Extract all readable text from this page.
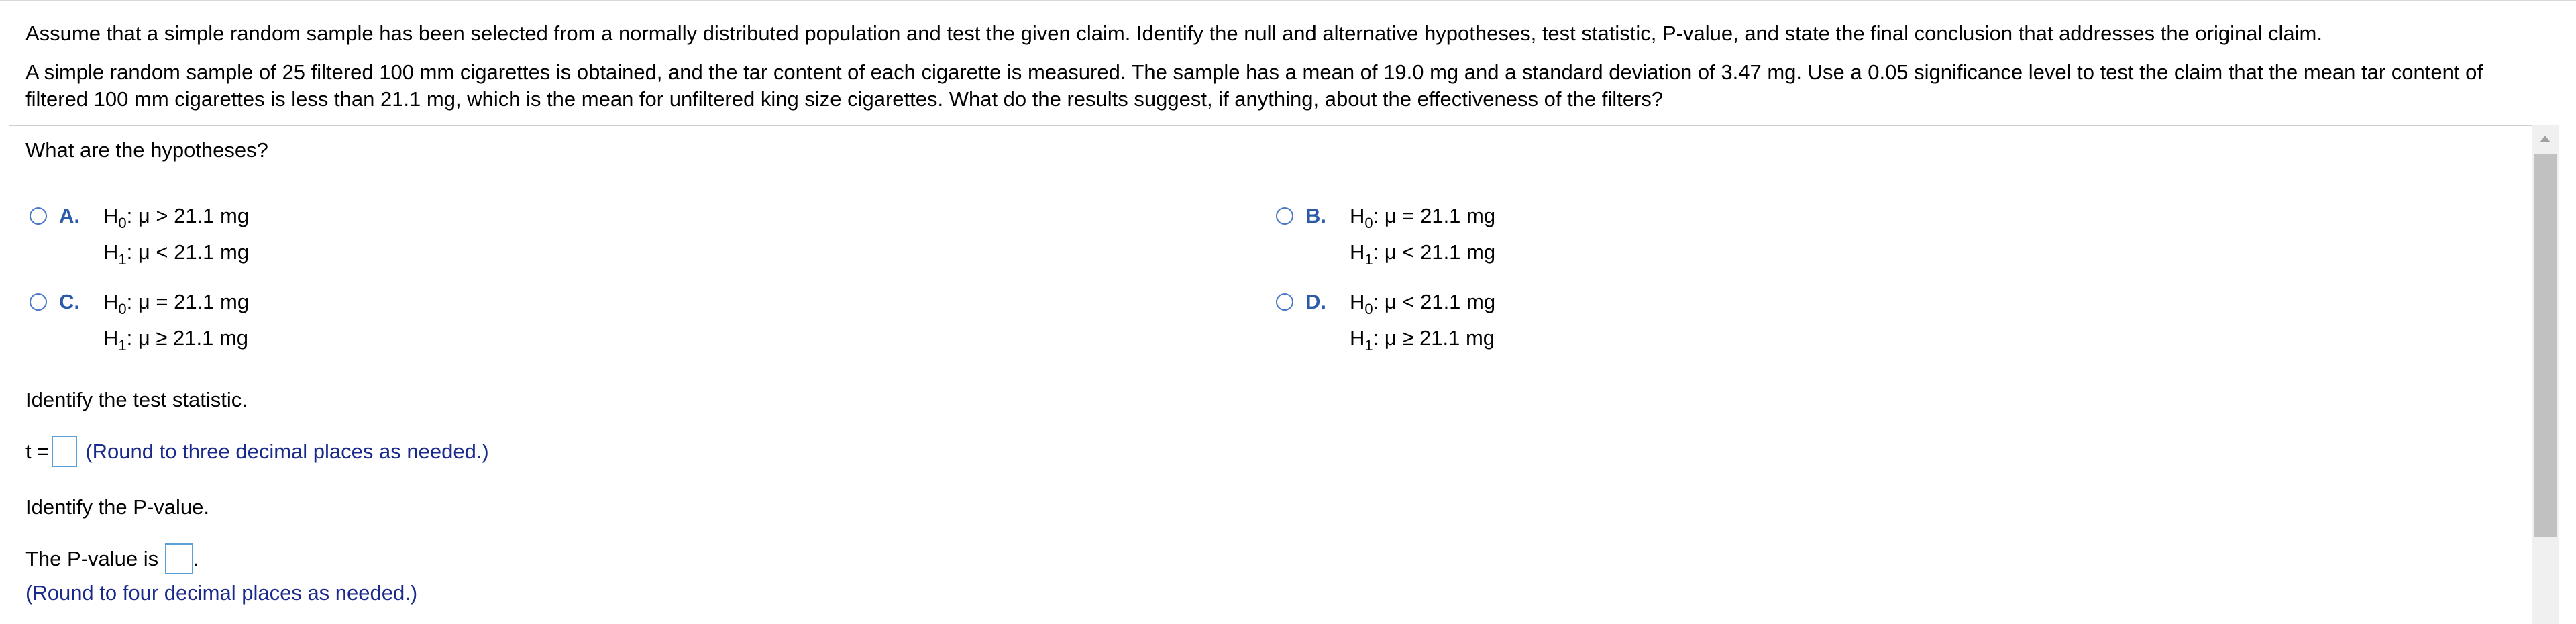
Assume that a simple random sample has been selected from a normally distributed population and test the given claim. Identify the null and alternative hypotheses, test statistic, P-value, and state the final conclusion that addresses the original claim.
A simple random sample of 25 filtered 100 mm cigarettes is obtained, and the tar content of each cigarette is measured. The sample has a mean of 19.0 mg and a standard deviation of 3.47 mg. Use a 0.05 significance level to test the claim that the mean tar content of filtered 100 mm cigarettes is less than 21.1 mg, which is the mean for unfiltered king size cigarettes. What do the results suggest, if anything, about the effectiveness of the filters?
What are the hypotheses?
A. $H_0$: μ > 21.1 mg
$H_1$: μ < 21.1 mg
B. $H_0$: μ = 21.1 mg
$H_1$: μ < 21.1 mg
C. $H_0$: μ = 21.1 mg
$H_1$: μ ≥ 21.1 mg
D. $H_0$: μ < 21.1 mg
$H_1$: μ ≥ 21.1 mg
Identify the test statistic.
t = (Round to three decimal places as needed.)
Identify the P-value.
The P-value is .
(Round to four decimal places as needed.)
